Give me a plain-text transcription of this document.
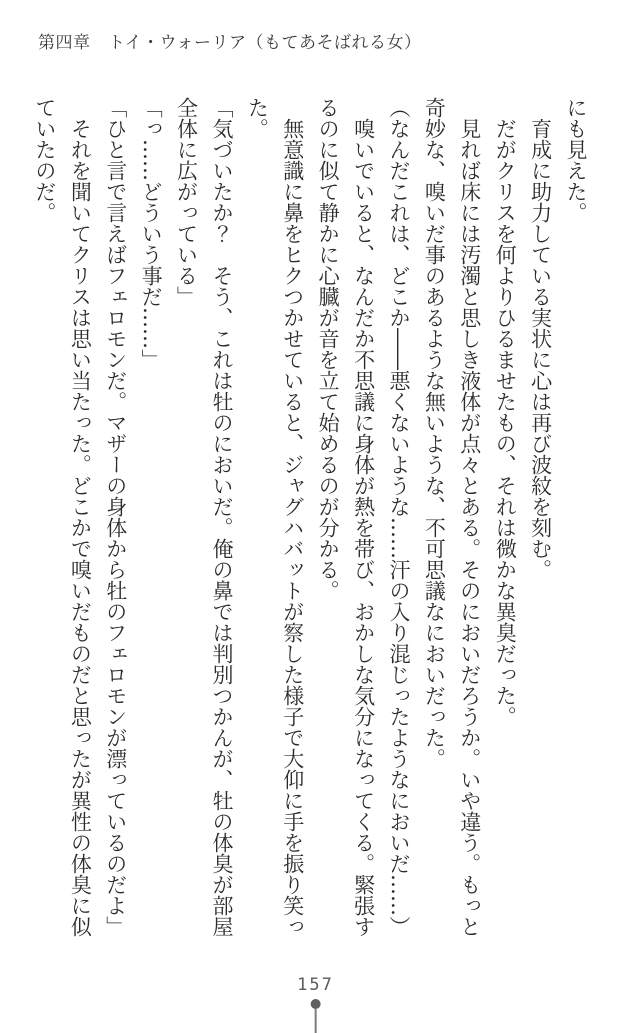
第四章　トイ・ウォーリア（もてあそばれる女）

にも見えた。

育成に助力している実状に心は再び波紋を刻む。

だがクリスを何よりひるませたもの、それは微かな異臭だった。

見れば床には汚濁と思しき液体が点々とある。そのにおいだろうか。いや違う。もっと奇妙な、嗅いだ事のあるような無いような、不可思議なにおいだった。

（なんだこれは、どこか――悪くないような……汗の入り混じったようなにおいだ……）

嗅いでいると、なんだか不思議に身体が熱を帯び、おかしな気分になってくる。緊張するのに似て静かに心臓が音を立て始めるのが分かる。

無意識に鼻をヒクつかせていると、ジャグハバットが察した様子で大仰に手を振り笑った。

「気づいたか？　そう、これは牡のにおいだ。俺の鼻では判別つかんが、牡の体臭が部屋全体に広がっている」

「っ……どういう事だ……」

「ひと言で言えばフェロモンだ。マザーの身体から牡のフェロモンが漂っているのだよ」

それを聞いてクリスは思い当たった。どこかで嗅いだものだと思ったが異性の体臭に似ていたのだ。

157
